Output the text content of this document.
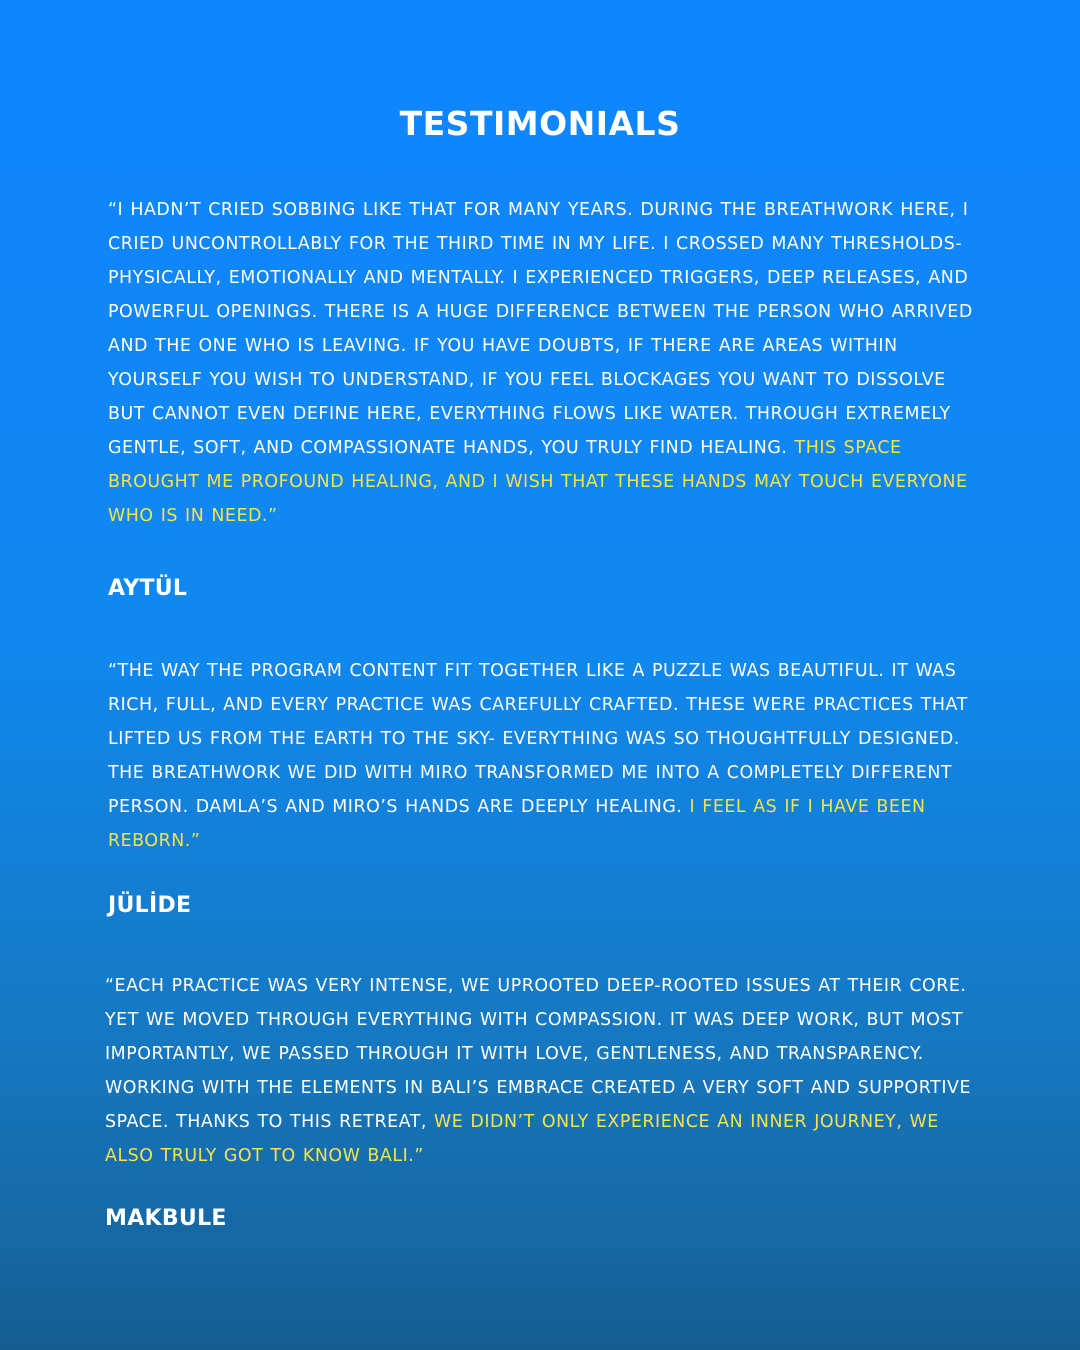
TESTIMONIALS

“I HADN’T CRIED SOBBING LIKE THAT FOR MANY YEARS. DURING THE BREATHWORK HERE, I CRIED UNCONTROLLABLY FOR THE THIRD TIME IN MY LIFE. I CROSSED MANY THRESHOLDS- PHYSICALLY, EMOTIONALLY AND MENTALLY. I EXPERIENCED TRIGGERS, DEEP RELEASES, AND POWERFUL OPENINGS. THERE IS A HUGE DIFFERENCE BETWEEN THE PERSON WHO ARRIVED AND THE ONE WHO IS LEAVING. IF YOU HAVE DOUBTS, IF THERE ARE AREAS WITHIN YOURSELF YOU WISH TO UNDERSTAND, IF YOU FEEL BLOCKAGES YOU WANT TO DISSOLVE BUT CANNOT EVEN DEFINE HERE, EVERYTHING FLOWS LIKE WATER. THROUGH EXTREMELY GENTLE, SOFT, AND COMPASSIONATE HANDS, YOU TRULY FIND HEALING. THIS SPACE BROUGHT ME PROFOUND HEALING, AND I WISH THAT THESE HANDS MAY TOUCH EVERYONE WHO IS IN NEED.”

AYTÜL

“THE WAY THE PROGRAM CONTENT FIT TOGETHER LIKE A PUZZLE WAS BEAUTIFUL. IT WAS RICH, FULL, AND EVERY PRACTICE WAS CAREFULLY CRAFTED. THESE WERE PRACTICES THAT LIFTED US FROM THE EARTH TO THE SKY- EVERYTHING WAS SO THOUGHTFULLY DESIGNED. THE BREATHWORK WE DID WITH MIRO TRANSFORMED ME INTO A COMPLETELY DIFFERENT PERSON. DAMLA’S AND MIRO’S HANDS ARE DEEPLY HEALING. I FEEL AS IF I HAVE BEEN REBORN.”

JÜLİDE

“EACH PRACTICE WAS VERY INTENSE, WE UPROOTED DEEP-ROOTED ISSUES AT THEIR CORE. YET WE MOVED THROUGH EVERYTHING WITH COMPASSION. IT WAS DEEP WORK, BUT MOST IMPORTANTLY, WE PASSED THROUGH IT WITH LOVE, GENTLENESS, AND TRANSPARENCY. WORKING WITH THE ELEMENTS IN BALI’S EMBRACE CREATED A VERY SOFT AND SUPPORTIVE SPACE. THANKS TO THIS RETREAT, WE DIDN’T ONLY EXPERIENCE AN INNER JOURNEY, WE ALSO TRULY GOT TO KNOW BALI.”

MAKBULE
